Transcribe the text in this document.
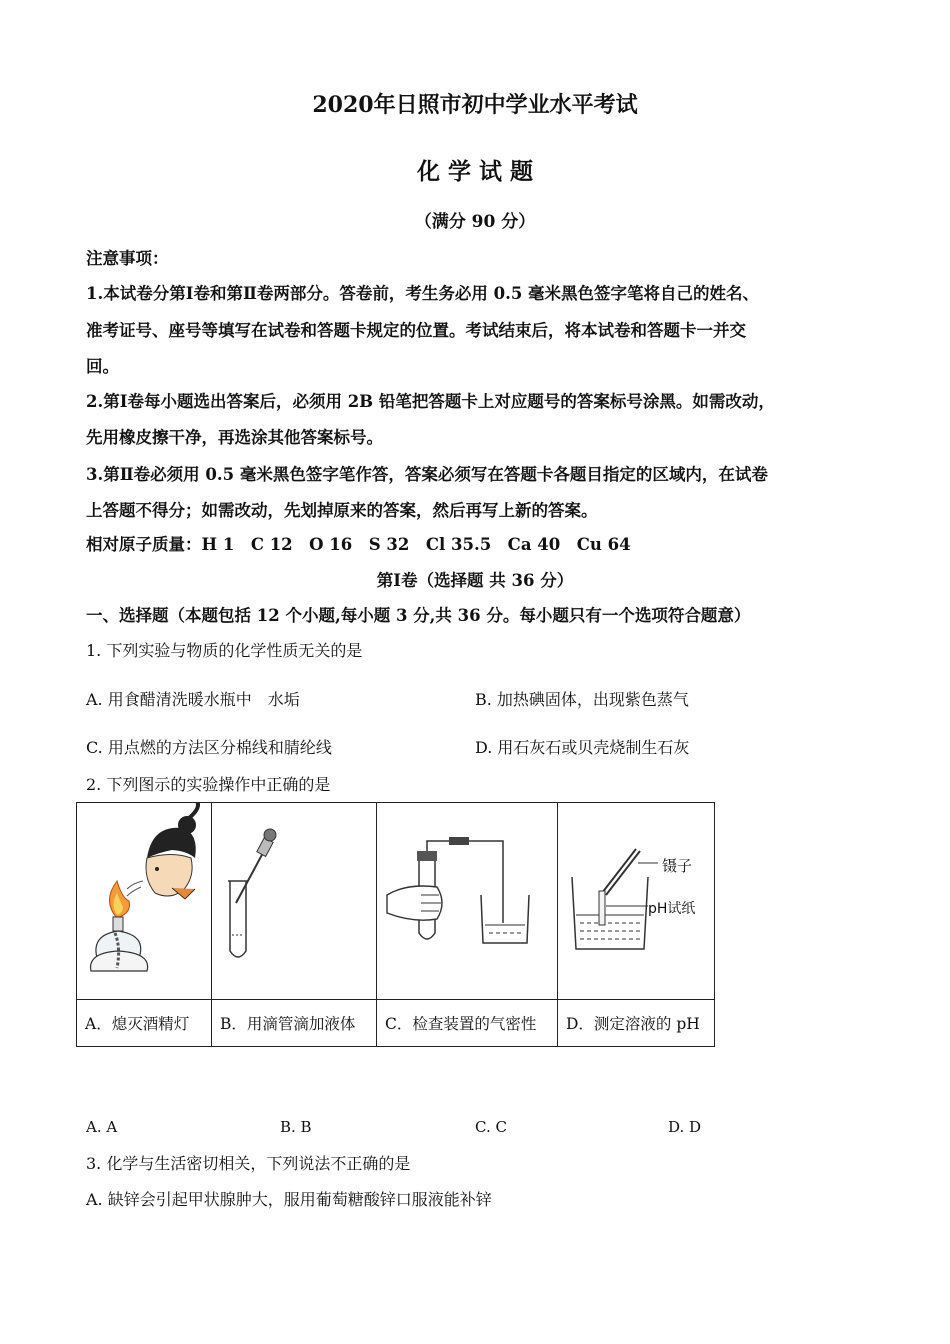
2020年日照市初中学业水平考试
化 学 试 题
（满分 90 分）
注意事项：
1.本试卷分第Ⅰ卷和第Ⅱ卷两部分。答卷前，考生务必用 0.5 毫米黑色签字笔将自己的姓名、
准考证号、座号等填写在试卷和答题卡规定的位置。考试结束后，将本试卷和答题卡一并交
回。
2.第Ⅰ卷每小题选出答案后，必须用 2B 铅笔把答题卡上对应题号的答案标号涂黑。如需改动，
先用橡皮擦干净，再选涂其他答案标号。
3.第Ⅱ卷必须用 0.5 毫米黑色签字笔作答，答案必须写在答题卡各题目指定的区域内，在试卷
上答题不得分；如需改动，先划掉原来的答案，然后再写上新的答案。
相对原子质量：H 1　C 12　O 16　S 32　Cl 35.5　Ca 40　Cu 64
第Ⅰ卷（选择题 共 36 分）
一、选择题（本题包括 12 个小题,每小题 3 分,共 36 分。每小题只有一个选项符合题意）
1. 下列实验与物质的化学性质无关的是
A. 用食醋清洗暖水瓶中　水垢	B. 加热碘固体，出现紫色蒸气
C. 用点燃的方法区分棉线和腈纶线	D. 用石灰石或贝壳烧制生石灰
2. 下列图示的实验操作中正确的是

镊子
pH试纸

A．熄灭酒精灯	B．用滴管滴加液体	C．检查装置的气密性	D．测定溶液的 pH
A. A	B. B	C. C	D. D
3. 化学与生活密切相关，下列说法不正确的是
A. 缺锌会引起甲状腺肿大，服用葡萄糖酸锌口服液能补锌
